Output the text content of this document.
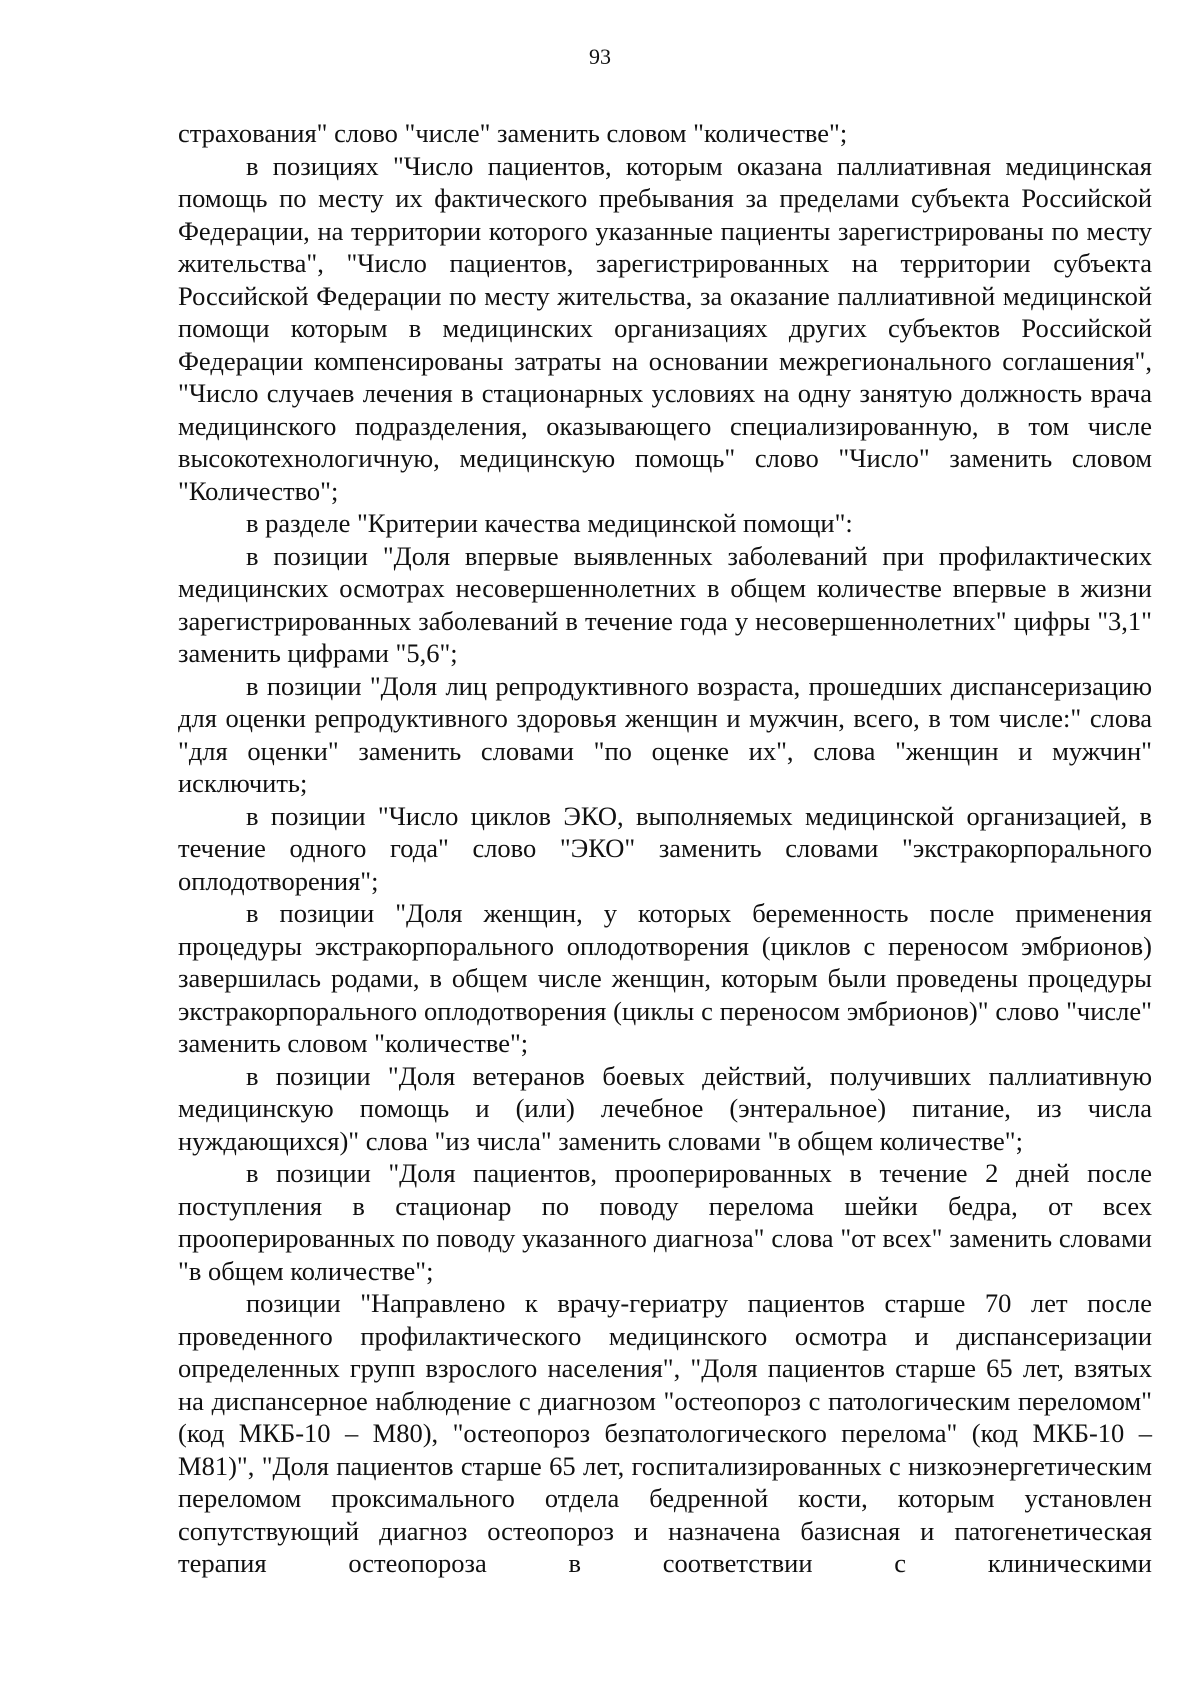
93

страхования" слово "числе" заменить словом "количестве";

в позициях "Число пациентов, которым оказана паллиативная медицинская помощь по месту их фактического пребывания за пределами субъекта Российской Федерации, на территории которого указанные пациенты зарегистрированы по месту жительства", "Число пациентов, зарегистрированных на территории субъекта Российской Федерации по месту жительства, за оказание паллиативной медицинской помощи которым в медицинских организациях других субъектов Российской Федерации компенсированы затраты на основании межрегионального соглашения", "Число случаев лечения в стационарных условиях на одну занятую должность врача медицинского подразделения, оказывающего специализированную, в том числе высокотехнологичную, медицинскую помощь" слово "Число" заменить словом "Количество";

в разделе "Критерии качества медицинской помощи":

в позиции "Доля впервые выявленных заболеваний при профилактических медицинских осмотрах несовершеннолетних в общем количестве впервые в жизни зарегистрированных заболеваний в течение года у несовершеннолетних" цифры "3,1" заменить цифрами "5,6";

в позиции "Доля лиц репродуктивного возраста, прошедших диспансеризацию для оценки репродуктивного здоровья женщин и мужчин, всего, в том числе:" слова "для оценки" заменить словами "по оценке их", слова "женщин и мужчин" исключить;

в позиции "Число циклов ЭКО, выполняемых медицинской организацией, в течение одного года" слово "ЭКО" заменить словами "экстракорпорального оплодотворения";

в позиции "Доля женщин, у которых беременность после применения процедуры экстракорпорального оплодотворения (циклов с переносом эмбрионов) завершилась родами, в общем числе женщин, которым были проведены процедуры экстракорпорального оплодотворения (циклы с переносом эмбрионов)" слово "числе" заменить словом "количестве";

в позиции "Доля ветеранов боевых действий, получивших паллиативную медицинскую помощь и (или) лечебное (энтеральное) питание, из числа нуждающихся)" слова "из числа" заменить словами "в общем количестве";

в позиции "Доля пациентов, прооперированных в течение 2 дней после поступления в стационар по поводу перелома шейки бедра, от всех прооперированных по поводу указанного диагноза" слова "от всех" заменить словами "в общем количестве";

позиции "Направлено к врачу-гериатру пациентов старше 70 лет после проведенного профилактического медицинского осмотра и диспансеризации определенных групп взрослого населения", "Доля пациентов старше 65 лет, взятых на диспансерное наблюдение с диагнозом "остеопороз с патологическим переломом" (код МКБ-10 – М80), "остеопороз безпатологического перелома" (код МКБ-10 – М81)", "Доля пациентов старше 65 лет, госпитализированных с низкоэнергетическим переломом проксимального отдела бедренной кости, которым установлен сопутствующий диагноз остеопороз и назначена базисная и патогенетическая терапия остеопороза в соответствии с клиническими
